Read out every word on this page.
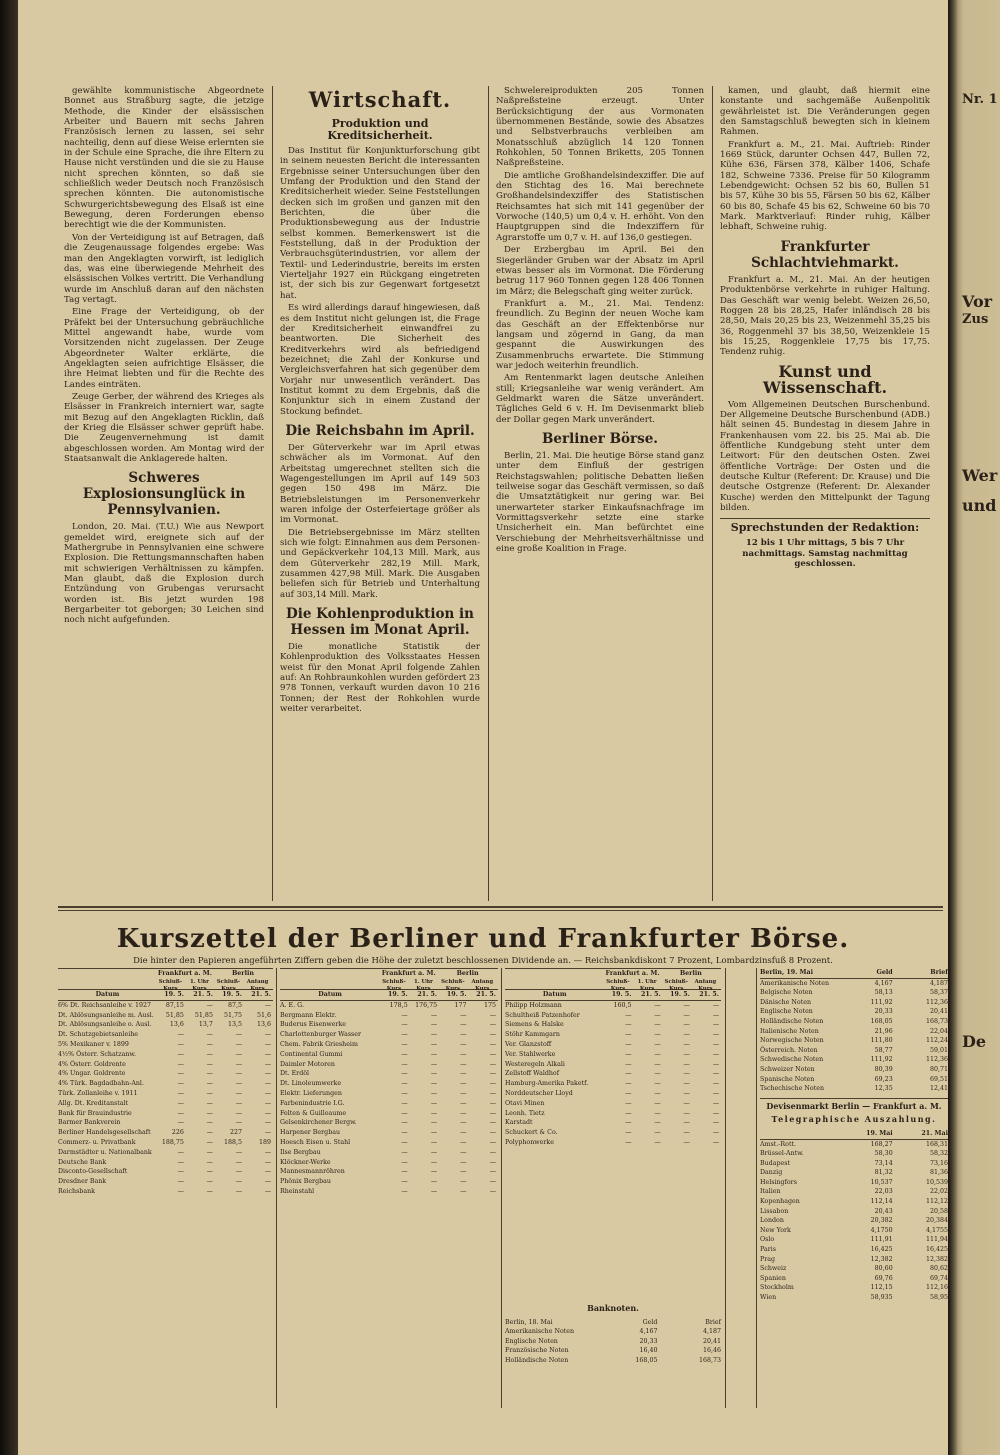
gewählte kommunistische Abgeordnete Bonnet aus Straßburg sagte, die jetzige Methode, die Kinder der elsässischen Arbeiter und Bauern mit sechs Jahren Französisch lernen zu lassen, sei sehr nachteilig, denn auf diese Weise erlernten sie in der Schule eine Sprache, die ihre Eltern zu Hause nicht verstünden und die sie zu Hause nicht sprechen könnten, so daß sie schließlich weder Deutsch noch Französisch sprechen könnten. Die autonomistische Schwurgerichtsbewegung des Elsaß ist eine Bewegung, deren Forderungen ebenso berechtigt wie die der Kommunisten.

Von der Verteidigung ist auf Betragen, daß die Zeugenaussage folgendes ergebe: Was man den Angeklagten vorwirft, ist lediglich das, was eine überwiegende Mehrheit des elsässischen Volkes vertritt. Die Verhandlung wurde im Anschluß daran auf den nächsten Tag vertagt.

Eine Frage der Verteidigung, ob der Präfekt bei der Untersuchung gebräuchliche Mittel angewandt habe, wurde vom Vorsitzenden nicht zugelassen. Der Zeuge Abgeordneter Walter erklärte, die Angeklagten seien aufrichtige Elsässer, die ihre Heimat liebten und für die Rechte des Landes einträten.

Zeuge Gerber, der während des Krieges als Elsässer in Frankreich interniert war, sagte mit Bezug auf den Angeklagten Ricklin, daß der Krieg die Elsässer schwer geprüft habe. Die Zeugenvernehmung ist damit abgeschlossen worden. Am Montag wird der Staatsanwalt die Anklagerede halten.

Schweres Explosionsunglück in Pennsylvanien.

London, 20. Mai. (T.U.) Wie aus Newport gemeldet wird, ereignete sich auf der Mathergrube in Pennsylvanien eine schwere Explosion. Die Rettungsmannschaften haben mit schwierigen Verhältnissen zu kämpfen. Man glaubt, daß die Explosion durch Entzündung von Grubengas verursacht worden ist. Bis jetzt wurden 198 Bergarbeiter tot geborgen; 30 Leichen sind noch nicht aufgefunden.

Wirtschaft.
Produktion und Kreditsicherheit.

Das Institut für Konjunkturforschung gibt in seinem neuesten Bericht die interessanten Ergebnisse seiner Untersuchungen über den Umfang der Produktion und den Stand der Kreditsicherheit wieder. Seine Feststellungen decken sich im großen und ganzen mit den Berichten, die über die Produktionsbewegung aus der Industrie selbst kommen. Bemerkenswert ist die Feststellung, daß in der Produktion der Verbrauchsgüterindustrien, vor allem der Textil- und Lederindustrie, bereits im ersten Vierteljahr 1927 ein Rückgang eingetreten ist, der sich bis zur Gegenwart fortgesetzt hat.

Es wird allerdings darauf hingewiesen, daß es dem Institut nicht gelungen ist, die Frage der Kreditsicherheit einwandfrei zu beantworten. Die Sicherheit des Kreditverkehrs wird als befriedigend bezeichnet; die Zahl der Konkurse und Vergleichsverfahren hat sich gegenüber dem Vorjahr nur unwesentlich verändert. Das Institut kommt zu dem Ergebnis, daß die Konjunktur sich in einem Zustand der Stockung befindet.

Die Reichsbahn im April.

Der Güterverkehr war im April etwas schwächer als im Vormonat. Auf den Arbeitstag umgerechnet stellten sich die Wagengestellungen im April auf 149 503 gegen 150 498 im März. Die Betriebsleistungen im Personenverkehr waren infolge der Osterfeiertage größer als im Vormonat.

Die Betriebsergebnisse im März stellten sich wie folgt: Einnahmen aus dem Personen- und Gepäckverkehr 104,13 Mill. Mark, aus dem Güterverkehr 282,19 Mill. Mark, zusammen 427,98 Mill. Mark. Die Ausgaben beliefen sich für Betrieb und Unterhaltung auf 303,14 Mill. Mark.

Die Kohlenproduktion in Hessen im Monat April.

Die monatliche Statistik der Kohlenproduktion des Volksstaates Hessen weist für den Monat April folgende Zahlen auf: An Rohbraunkohlen wurden gefördert 23 978 Tonnen, verkauft wurden davon 10 216 Tonnen; der Rest der Rohkohlen wurde weiter verarbeitet.

Schwelereiprodukten 205 Tonnen Naßpreßsteine erzeugt. Unter Berücksichtigung der aus Vormonaten übernommenen Bestände, sowie des Absatzes und Selbstverbrauchs verbleiben am Monatsschluß abzüglich 14 120 Tonnen Rohkohlen, 50 Tonnen Briketts, 205 Tonnen Naßpreßsteine.

Die amtliche Großhandelsindexziffer. Die auf den Stichtag des 16. Mai berechnete Großhandelsindexziffer des Statistischen Reichsamtes hat sich mit 141 gegenüber der Vorwoche (140,5) um 0,4 v. H. erhöht. Von den Hauptgruppen sind die Indexziffern für Agrarstoffe um 0,7 v. H. auf 136,0 gestiegen.

Der Erzbergbau im April. Bei den Siegerländer Gruben war der Absatz im April etwas besser als im Vormonat. Die Förderung betrug 117 960 Tonnen gegen 128 406 Tonnen im März; die Belegschaft ging weiter zurück.

Frankfurt a. M., 21. Mai. Tendenz: freundlich. Zu Beginn der neuen Woche kam das Geschäft an der Effektenbörse nur langsam und zögernd in Gang, da man gespannt die Auswirkungen des Zusammenbruchs erwartete. Die Stimmung war jedoch weiterhin freundlich.

Am Rentenmarkt lagen deutsche Anleihen still; Kriegsanleihe war wenig verändert. Am Geldmarkt waren die Sätze unverändert. Tägliches Geld 6 v. H. Im Devisenmarkt blieb der Dollar gegen Mark unverändert.

Berliner Börse.

Berlin, 21. Mai. Die heutige Börse stand ganz unter dem Einfluß der gestrigen Reichstagswahlen; politische Debatten ließen teilweise sogar das Geschäft vermissen, so daß die Umsatztätigkeit nur gering war. Bei unerwarteter starker Einkaufsnachfrage im Vormittagsverkehr setzte eine starke Unsicherheit ein. Man befürchtet eine Verschiebung der Mehrheitsverhältnisse und eine große Koalition in Frage.

kamen, und glaubt, daß hiermit eine konstante und sachgemäße Außenpolitik gewährleistet ist. Die Veränderungen gegen den Samstagschluß bewegten sich in kleinem Rahmen.

Frankfurt a. M., 21. Mai. Auftrieb: Rinder 1669 Stück, darunter Ochsen 447, Bullen 72, Kühe 636, Färsen 378, Kälber 1406, Schafe 182, Schweine 7336. Preise für 50 Kilogramm Lebendgewicht: Ochsen 52 bis 60, Bullen 51 bis 57, Kühe 30 bis 55, Färsen 50 bis 62, Kälber 60 bis 80, Schafe 45 bis 62, Schweine 60 bis 70 Mark. Marktverlauf: Rinder ruhig, Kälber lebhaft, Schweine ruhig.

Frankfurter Schlachtviehmarkt.

Frankfurt a. M., 21. Mai. An der heutigen Produktenbörse verkehrte in ruhiger Haltung. Das Geschäft war wenig belebt. Weizen 26,50, Roggen 28 bis 28,25, Hafer inländisch 28 bis 28,50, Mais 20,25 bis 23, Weizenmehl 35,25 bis 36, Roggenmehl 37 bis 38,50, Weizenkleie 15 bis 15,25, Roggenkleie 17,75 bis 17,75. Tendenz ruhig.

Kunst und Wissenschaft.

Vom Allgemeinen Deutschen Burschenbund. Der Allgemeine Deutsche Burschenbund (ADB.) hält seinen 45. Bundestag in diesem Jahre in Frankenhausen vom 22. bis 25. Mai ab. Die öffentliche Kundgebung steht unter dem Leitwort: Für den deutschen Osten. Zwei öffentliche Vorträge: Der Osten und die deutsche Kultur (Referent: Dr. Krause) und Die deutsche Ostgrenze (Referent: Dr. Alexander Kusche) werden den Mittelpunkt der Tagung bilden.

Sprechstunden der Redaktion:
12 bis 1 Uhr mittags, 5 bis 7 Uhr nachmittags. Samstag nachmittag geschlossen.
Kurszettel der Berliner und Frankfurter Börse.
Die hinter den Papieren angeführten Ziffern geben die Höhe der zuletzt beschlossenen Dividende an. — Reichsbankdiskont 7 Prozent, Lombardzinsfuß 8 Prozent.
Frankfurt a. M.	Berlin
Schluß-Kurs
1. Uhr Kurs
Schluß-Kurs
Anfang Kurs
Datum	19. 5.	21. 5.	19. 5.	21. 5.
6% Dt. Reichsanleihe v. 1927	87,15	—	87,5	—
Dt. Ablösungsanleihe m. Ausl.	51,85	51,85	51,75	51,6
Dt. Ablösungsanleihe o. Ausl.	13,6	13,7	13,5	13,6
Dt. Schutzgebietsanleihe	—	—	—	—
5% Mexikaner v. 1899	—	—	—	—
4½% Österr. Schatzanw.	—	—	—	—
4% Österr. Goldrente	—	—	—	—
4% Ungar. Goldrente	—	—	—	—
4% Türk. Bagdadbahn-Anl.	—	—	—	—
Türk. Zollanleihe v. 1911	—	—	—	—
Allg. Dt. Kreditanstalt	—	—	—	—
Bank für Brauindustrie	—	—	—	—
Barmer Bankverein	—	—	—	—
Berliner Handelsgesellschaft	226	—	227	—
Commerz- u. Privatbank	188,75	—	188,5	189
Darmstädter u. Nationalbank	—	—	—	—
Deutsche Bank	—	—	—	—
Disconto-Gesellschaft	—	—	—	—
Dresdner Bank	—	—	—	—
Reichsbank	—	—	—	—
Frankfurt a. M.	Berlin
Schluß-Kurs
1. Uhr Kurs
Schluß-Kurs
Anfang Kurs
Datum	19. 5.	21. 5.	19. 5.	21. 5.
A. E. G.	178,5	176,75	177	175
Bergmann Elektr.	—	—	—	—
Buderus Eisenwerke	—	—	—	—
Charlottenburger Wasser	—	—	—	—
Chem. Fabrik Griesheim	—	—	—	—
Continental Gummi	—	—	—	—
Daimler Motoren	—	—	—	—
Dt. Erdöl	—	—	—	—
Dt. Linoleumwerke	—	—	—	—
Elektr. Lieferungen	—	—	—	—
Farbenindustrie I.G.	—	—	—	—
Felten & Guilleaume	—	—	—	—
Gelsenkirchener Bergw.	—	—	—	—
Harpener Bergbau	—	—	—	—
Hoesch Eisen u. Stahl	—	—	—	—
Ilse Bergbau	—	—	—	—
Klöckner-Werke	—	—	—	—
Mannesmannröhren	—	—	—	—
Phönix Bergbau	—	—	—	—
Rheinstahl	—	—	—	—
Frankfurt a. M.	Berlin
Schluß-Kurs
1. Uhr Kurs
Schluß-Kurs
Anfang Kurs
Datum	19. 5.	21. 5.	19. 5.	21. 5.
Philipp Holzmann	160,5	—	—	—
Schultheiß Patzenhofer	—	—	—	—
Siemens & Halske	—	—	—	—
Stöhr Kammgarn	—	—	—	—
Ver. Glanzstoff	—	—	—	—
Ver. Stahlwerke	—	—	—	—
Westeregeln Alkali	—	—	—	—
Zellstoff Waldhof	—	—	—	—
Hamburg-Amerika Paketf.	—	—	—	—
Norddeutscher Lloyd	—	—	—	—
Otavi Minen	—	—	—	—
Leonh. Tietz	—	—	—	—
Karstadt	—	—	—	—
Schuckert & Co.	—	—	—	—
Polyphonwerke	—	—	—	—
Banknoten.
Berlin, 18. Mai	Geld	Brief
Amerikanische Noten	4,167	4,187
Englische Noten	20,33	20,41
Französische Noten	16,40	16,46
Holländische Noten	168,05	168,73
Berlin, 19. Mai	Geld	Brief
Amerikanische Noten	4,167	4,187
Belgische Noten	58,13	58,37
Dänische Noten	111,92	112,36
Englische Noten	20,33	20,41
Holländische Noten	168,05	168,73
Italienische Noten	21,96	22,04
Norwegische Noten	111,80	112,24
Österreich. Noten	58,77	59,01
Schwedische Noten	111,92	112,36
Schweizer Noten	80,39	80,71
Spanische Noten	69,23	69,51
Tschechische Noten	12,35	12,41
Devisenmarkt Berlin — Frankfurt a. M.
Telegraphische Auszahlung.
19. Mai	21. Mai
Amst.-Rott.	168,27	168,31
Brüssel-Antw.	58,30	58,32
Budapest	73,14	73,16
Danzig	81,32	81,36
Helsingfors	10,537	10,539
Italien	22,03	22,02
Kopenhagen	112,14	112,12
Lissabon	20,43	20,58
London	20,382	20,384
New York	4,1750	4,1755
Oslo	111,91	111,94
Paris	16,425	16,425
Prag	12,382	12,382
Schweiz	80,60	80,62
Spanien	69,76	69,74
Stockholm	112,15	112,16
Wien	58,935	58,95
Nr. 1
Vor
Zus
Wer
und
De
